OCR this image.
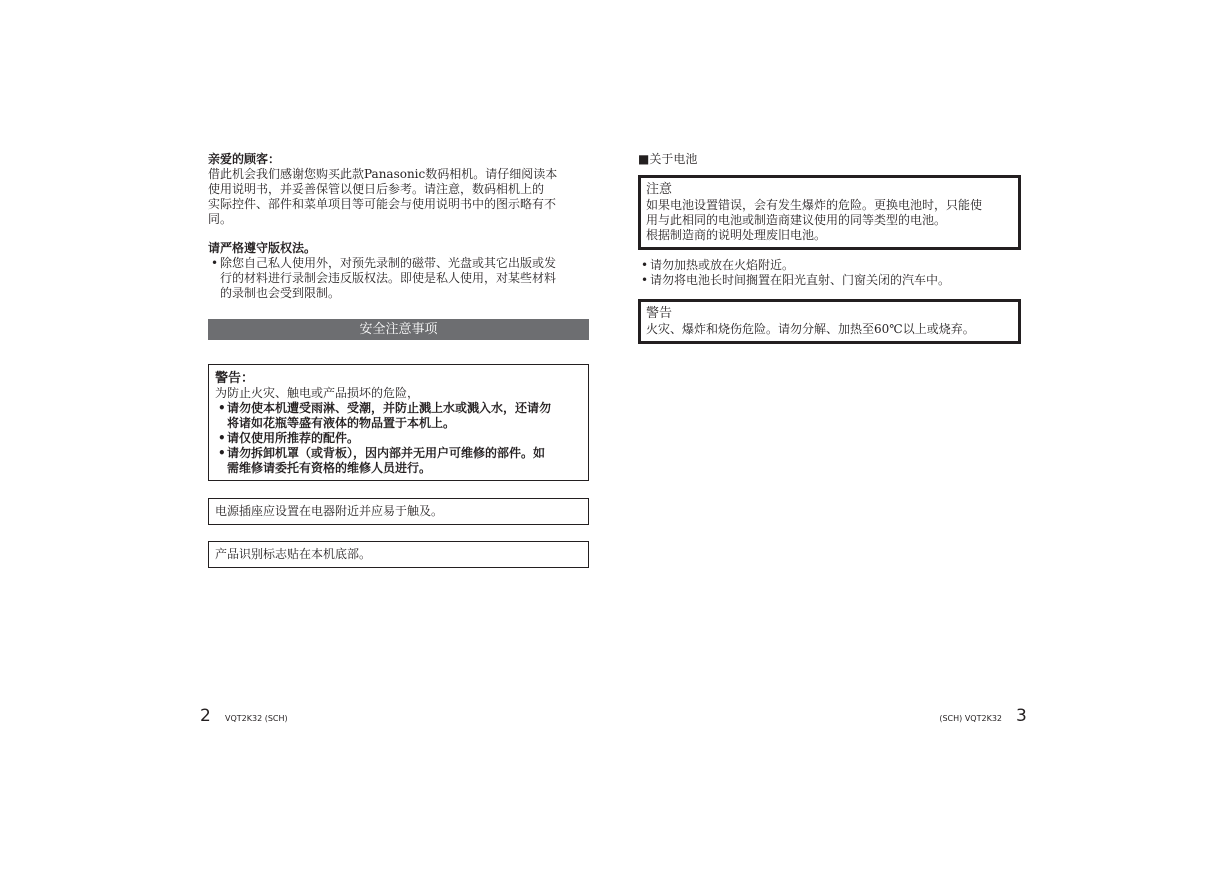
亲爱的顾客：
借此机会我们感谢您购买此款Panasonic数码相机。请仔细阅读本
使用说明书，并妥善保管以便日后参考。请注意，数码相机上的
实际控件、部件和菜单项目等可能会与使用说明书中的图示略有不
同。
请严格遵守版权法。
• 除您自己私人使用外，对预先录制的磁带、光盘或其它出版或发
行的材料进行录制会违反版权法。即使是私人使用，对某些材料
的录制也会受到限制。
安全注意事项
警告：
为防止火灾、触电或产品损坏的危险，
• 请勿使本机遭受雨淋、受潮，并防止溅上水或溅入水，还请勿
将诸如花瓶等盛有液体的物品置于本机上。
• 请仅使用所推荐的配件。
• 请勿拆卸机罩（或背板），因内部并无用户可维修的部件。如
需维修请委托有资格的维修人员进行。
电源插座应设置在电器附近并应易于触及。
产品识别标志贴在本机底部。
■关于电池
注意
如果电池设置错误，会有发生爆炸的危险。更换电池时，只能使
用与此相同的电池或制造商建议使用的同等类型的电池。
根据制造商的说明处理废旧电池。
• 请勿加热或放在火焰附近。
• 请勿将电池长时间搁置在阳光直射、门窗关闭的汽车中。
警告
火灾、爆炸和烧伤危险。请勿分解、加热至60℃以上或烧弃。
2 VQT2K32 (SCH)	(SCH) VQT2K32 3
